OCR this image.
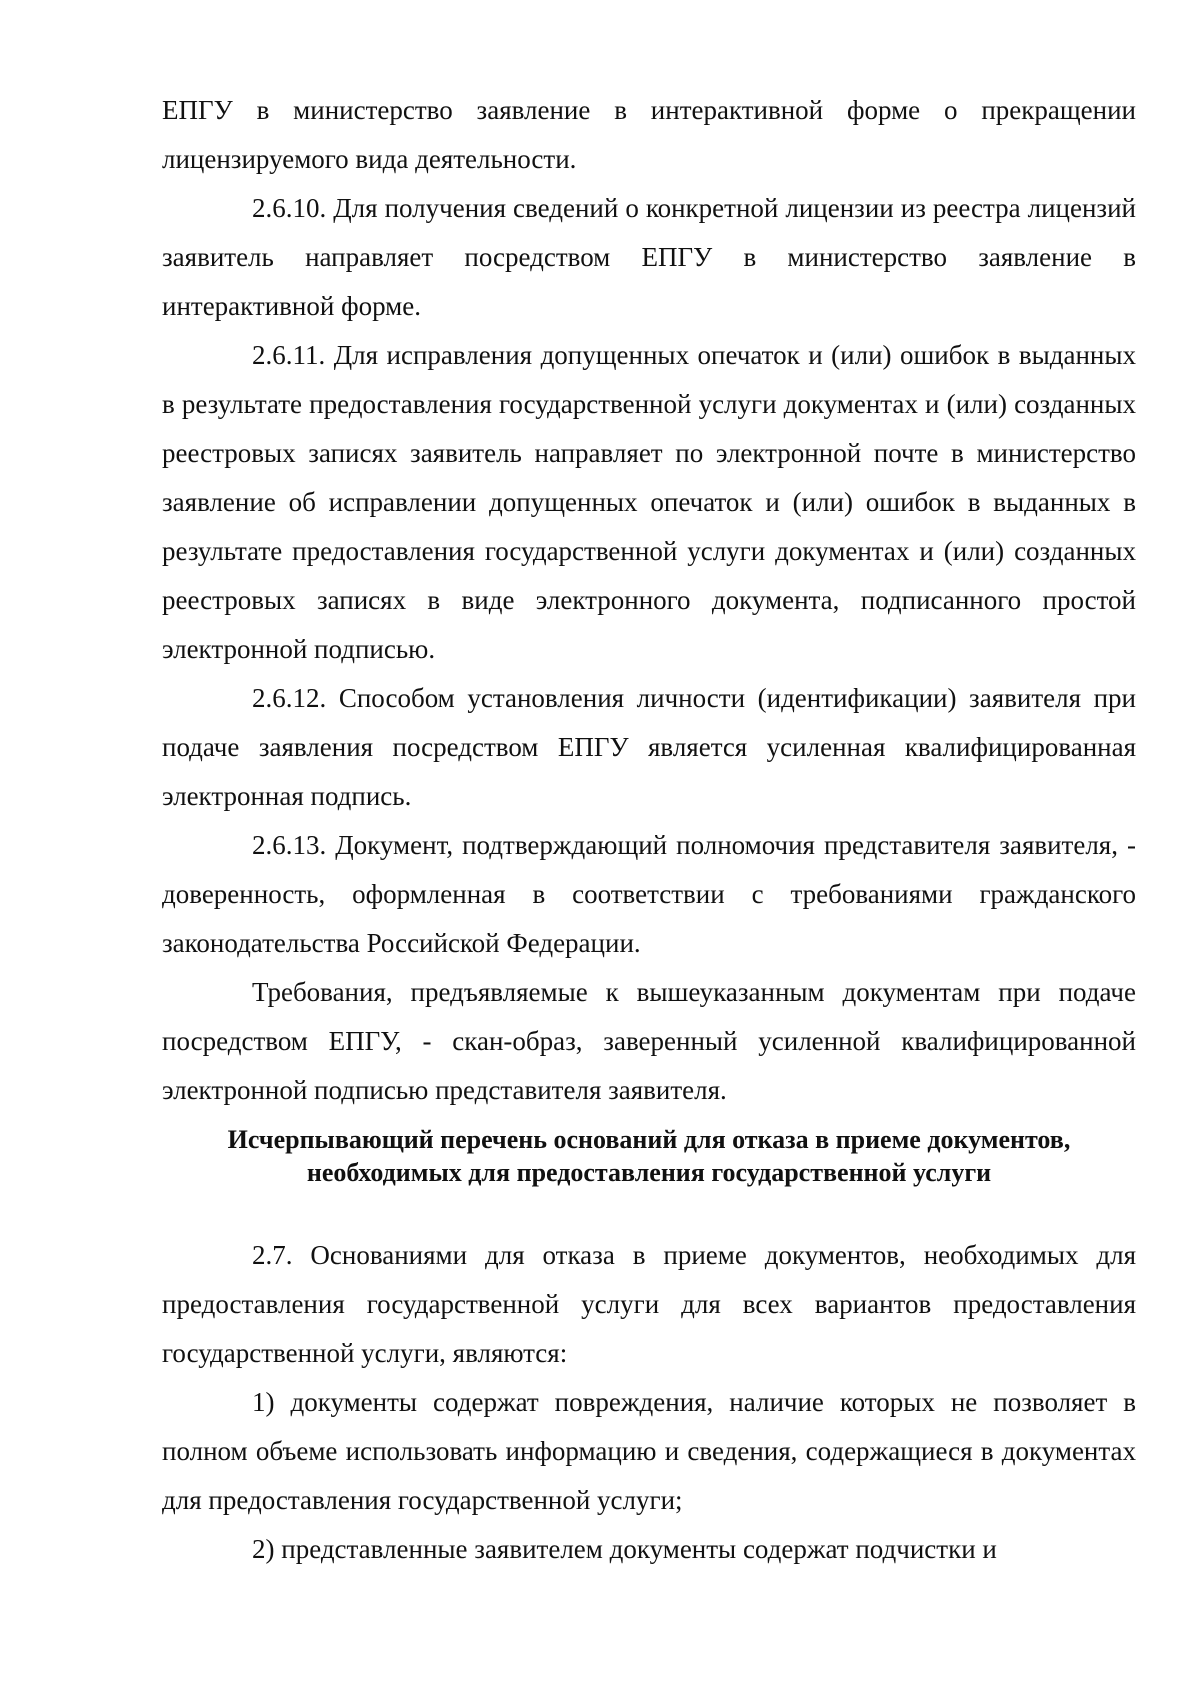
ЕПГУ в министерство заявление в интерактивной форме о прекращении лицензируемого вида деятельности.

2.6.10. Для получения сведений о конкретной лицензии из реестра лицензий заявитель направляет посредством ЕПГУ в министерство заявление в интерактивной форме.

2.6.11. Для исправления допущенных опечаток и (или) ошибок в выданных в результате предоставления государственной услуги документах и (или) созданных реестровых записях заявитель направляет по электронной почте в министерство заявление об исправлении допущенных опечаток и (или) ошибок в выданных в результате предоставления государственной услуги документах и (или) созданных реестровых записях в виде электронного документа, подписанного простой электронной подписью.

2.6.12. Способом установления личности (идентификации) заявителя при подаче заявления посредством ЕПГУ является усиленная квалифицированная электронная подпись.

2.6.13. Документ, подтверждающий полномочия представителя заявителя, - доверенность, оформленная в соответствии с требованиями гражданского законодательства Российской Федерации.

Требования, предъявляемые к вышеуказанным документам при подаче посредством ЕПГУ, - скан-образ, заверенный усиленной квалифицированной электронной подписью представителя заявителя.

Исчерпывающий перечень оснований для отказа в приеме документов,
необходимых для предоставления государственной услуги

2.7. Основаниями для отказа в приеме документов, необходимых для предоставления государственной услуги для всех вариантов предоставления государственной услуги, являются:

1) документы содержат повреждения, наличие которых не позволяет в полном объеме использовать информацию и сведения, содержащиеся в документах для предоставления государственной услуги;

2) представленные заявителем документы содержат подчистки и
